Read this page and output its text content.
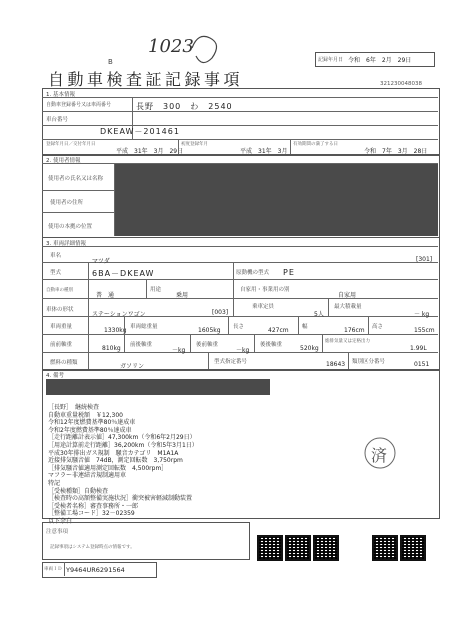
1023
B	記録年月日 令和　6年　2月　29日
自動車検査証記録事項	321230048038
1. 基本情報
自動車登録番号又は車両番号	長野　300　わ　2540
車台番号
DKEAW－201461
登録年月日／交付年月日
平成　31年　3月　29日
初度登録年月
平成　31年　3月
有効期間の満了する日
令和　7年　3月　28日
2. 使用者情報
使用者の氏名又は名称
使用者の住所
使用の本拠の位置
3. 車両詳細情報
車名
マツダ	[301]
型式	6BA－DKEAW	原動機の型式 PE
自動車の種別
普　通
用途
乗用
自家用・事業用の別
自家用
車体の形状
ステーションワゴン	[003]
乗車定員
5人
最大積載量
－ kg
車両重量	1330kg 車両総重量	1605kg 長さ	427cm 幅	176cm 高さ	155cm
前前軸重	810kg 前後軸重
－kg
後前軸重
－kg
後後軸重	520kg
総排気量又は定格出力
1.99L
燃料の種類	ガソリン
型式指定番号	18643 類別区分番号	0151
4. 備考
［長野］　継続検査
自動車重量税額　￥12,300
令和12年度燃費基準80％達成車
令和2年度燃費基準80％達成車
［走行距離計表示値］47,300km（令和6年2月29日）
［用途計算前走行距離］36,200km（令和5年3月1日）
平成30年排出ガス規制　騒音カテゴリ　M1A1A
近接排気騒音値　74dB，測定回転数　3,750rpm
［排気騒音値適用測定回転数　4,500rpm］
マフラー非連結音規制適用車
特記
［受検種類］自動検査
［検査時の高額整備実施状況］衝突被害軽減制動装置
［受検者名称］審査事務所・一郎
［整備工場コード］32－02359
以下余白
済
注意事項
記録事項はシステム登録時点の情報です。
車両ＩＤ Y9464UR6291564
